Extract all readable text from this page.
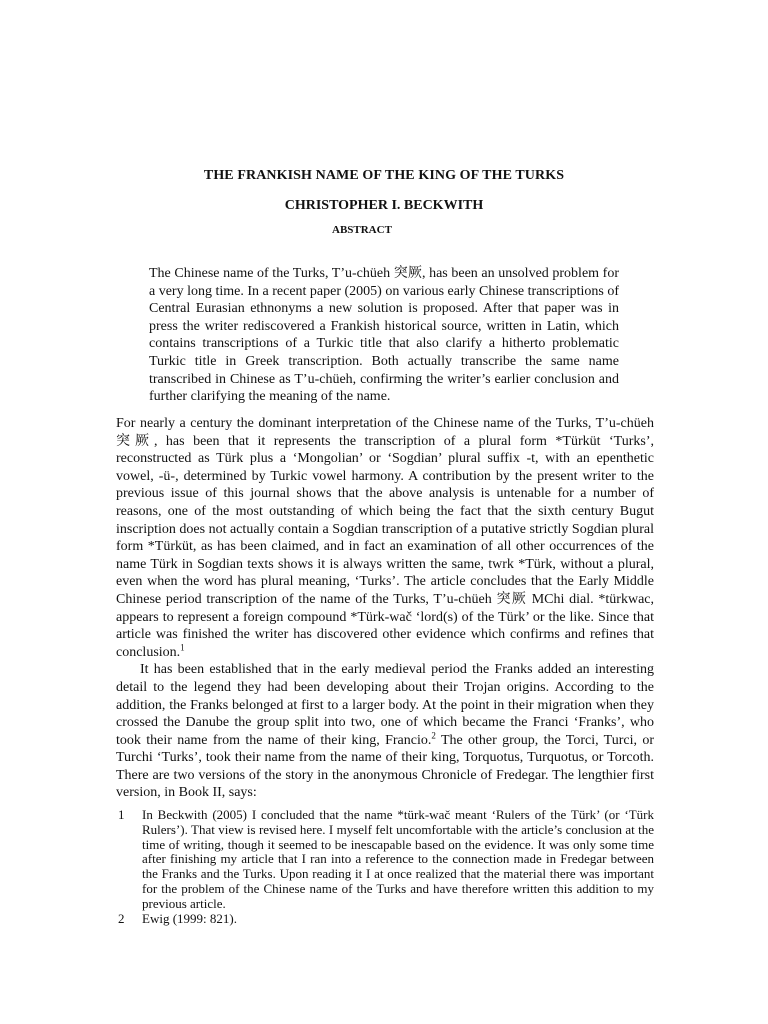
THE FRANKISH NAME OF THE KING OF THE TURKS
CHRISTOPHER I. BECKWITH
ABSTRACT
The Chinese name of the Turks, T’u-chüeh 突厥, has been an unsolved problem for a very long time. In a recent paper (2005) on various early Chinese transcriptions of Central Eurasian ethnonyms a new solution is proposed. After that paper was in press the writer rediscovered a Frankish historical source, written in Latin, which contains transcriptions of a Turkic title that also clarify a hitherto problematic Turkic title in Greek transcription. Both actually transcribe the same name transcribed in Chinese as T’u-chüeh, confirming the writer’s earlier conclusion and further clarifying the meaning of the name.

For nearly a century the dominant interpretation of the Chinese name of the Turks, T’u-chüeh 突厥, has been that it represents the transcription of a plural form *Türküt ‘Turks’, reconstructed as Türk plus a ‘Mongolian’ or ‘Sogdian’ plural suffix -t, with an epenthetic vowel, -ü-, determined by Turkic vowel harmony. A contribution by the present writer to the previous issue of this journal shows that the above analysis is untenable for a number of reasons, one of the most outstanding of which being the fact that the sixth century Bugut inscription does not actually contain a Sogdian transcription of a putative strictly Sogdian plural form *Türküt, as has been claimed, and in fact an examination of all other occurrences of the name Türk in Sogdian texts shows it is always written the same, twrk *Türk, without a plural, even when the word has plural meaning, ‘Turks’. The article concludes that the Early Middle Chinese period transcription of the name of the Turks, T’u-chüeh 突厥 MChi dial. *türkwac, appears to represent a foreign compound *Türk-wač ‘lord(s) of the Türk’ or the like. Since that article was finished the writer has discovered other evidence which confirms and refines that conclusion.$^1$

It has been established that in the early medieval period the Franks added an interesting detail to the legend they had been developing about their Trojan origins. According to the addition, the Franks belonged at first to a larger body. At the point in their migration when they crossed the Danube the group split into two, one of which became the Franci ‘Franks’, who took their name from the name of their king, Francio.$^2$ The other group, the Torci, Turci, or Turchi ‘Turks’, took their name from the name of their king, Torquotus, Turquotus, or Torcoth. There are two versions of the story in the anonymous Chronicle of Fredegar. The lengthier first version, in Book II, says:

1	In Beckwith (2005) I concluded that the name *türk-wač meant ‘Rulers of the Türk’ (or ‘Türk Rulers’). That view is revised here. I myself felt uncomfortable with the article’s conclusion at the time of writing, though it seemed to be inescapable based on the evidence. It was only some time after finishing my article that I ran into a reference to the connection made in Fredegar between the Franks and the Turks. Upon reading it I at once realized that the material there was important for the problem of the Chinese name of the Turks and have therefore written this addition to my previous article.
2	Ewig (1999: 821).
